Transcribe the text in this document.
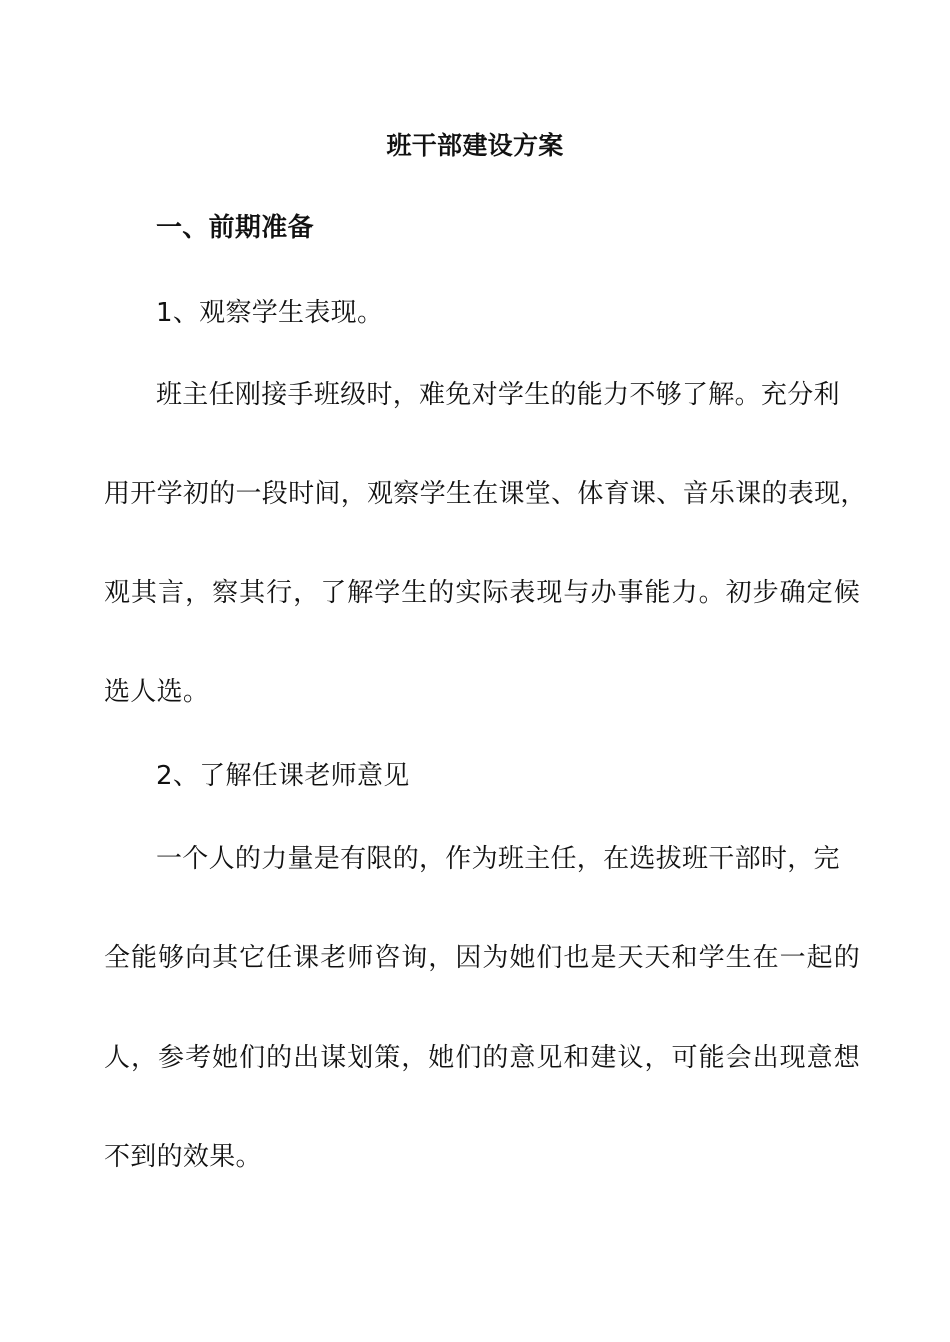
班干部建设方案
一、前期准备
1、观察学生表现。
班主任刚接手班级时，难免对学生的能力不够了解。充分利
用开学初的一段时间，观察学生在课堂、体育课、音乐课的表现，
观其言，察其行，了解学生的实际表现与办事能力。初步确定候
选人选。
2、了解任课老师意见
一个人的力量是有限的，作为班主任，在选拔班干部时，完
全能够向其它任课老师咨询，因为她们也是天天和学生在一起的
人，参考她们的出谋划策，她们的意见和建议，可能会出现意想
不到的效果。
